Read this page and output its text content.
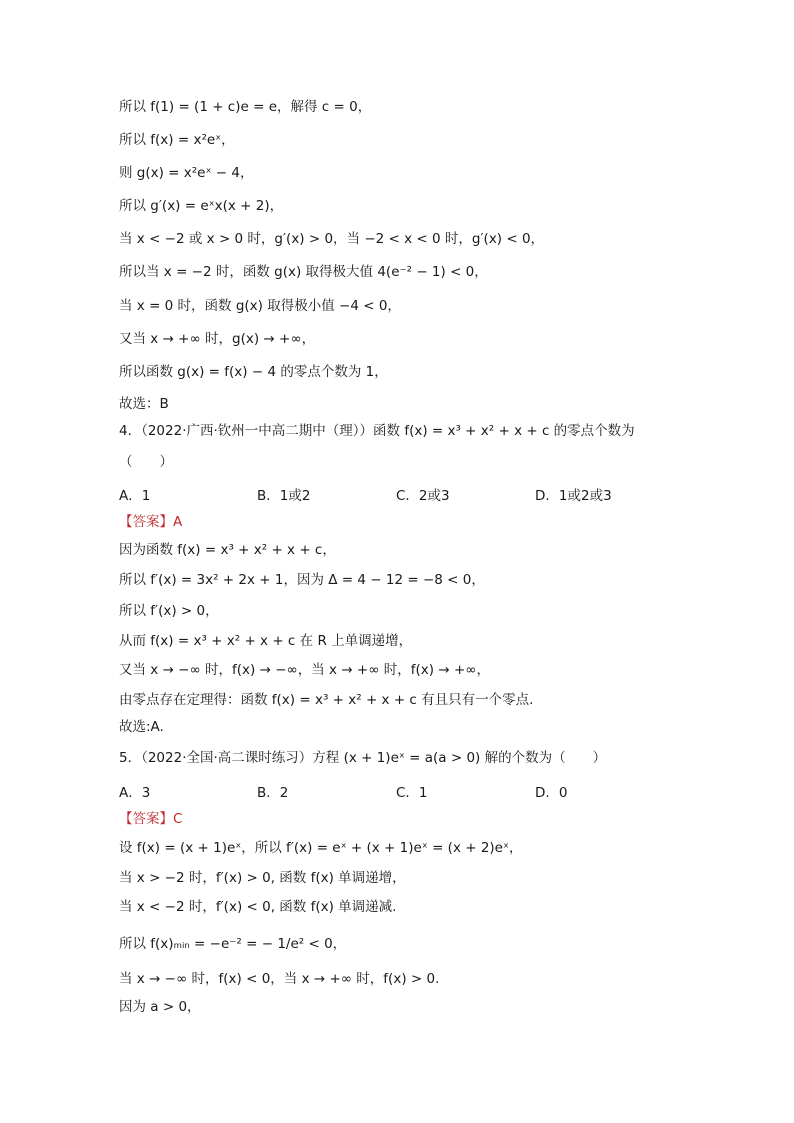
所以 f(1) = (1 + c)e = e，解得 c = 0，
所以 f(x) = x²eˣ，
则 g(x) = x²eˣ − 4，
所以 g′(x) = eˣx(x + 2)，
当 x < −2 或 x > 0 时，g′(x) > 0，当 −2 < x < 0 时，g′(x) < 0，
所以当 x = −2 时，函数 g(x) 取得极大值 4(e⁻² − 1) < 0，
当 x = 0 时，函数 g(x) 取得极小值 −4 < 0，
又当 x → +∞ 时，g(x) → +∞，
所以函数 g(x) = f(x) − 4 的零点个数为 1，
故选：B
4．（2022·广西·钦州一中高二期中（理））函数 f(x) = x³ + x² + x + c 的零点个数为
（　　）
A．1	B．1或2	C．2或3	D．1或2或3
【答案】A
因为函数 f(x) = x³ + x² + x + c，
所以 f′(x) = 3x² + 2x + 1，因为 Δ = 4 − 12 = −8 < 0，
所以 f′(x) > 0，
从而 f(x) = x³ + x² + x + c 在 R 上单调递增，
又当 x → −∞ 时，f(x) → −∞，当 x → +∞ 时，f(x) → +∞，
由零点存在定理得：函数 f(x) = x³ + x² + x + c 有且只有一个零点.
故选:A.
5．（2022·全国·高二课时练习）方程 (x + 1)eˣ = a(a > 0) 解的个数为（　　）
A．3	B．2	C．1	D．0
【答案】C
设 f(x) = (x + 1)eˣ，所以 f′(x) = eˣ + (x + 1)eˣ = (x + 2)eˣ，
当 x > −2 时，f′(x) > 0, 函数 f(x) 单调递增，
当 x < −2 时，f′(x) < 0, 函数 f(x) 单调递减.
所以 f(x)ₘᵢₙ = −e⁻² = − 1/e² < 0，
当 x → −∞ 时，f(x) < 0，当 x → +∞ 时，f(x) > 0.
因为 a > 0，
